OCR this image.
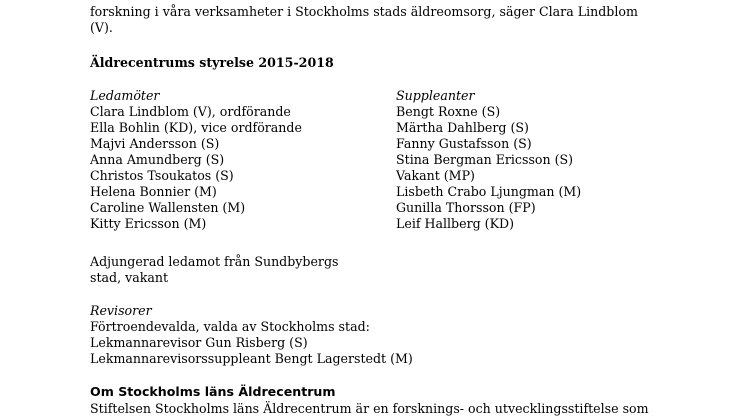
forskning i våra verksamheter i Stockholms stads äldreomsorg, säger Clara Lindblom
(V).
Äldrecentrums styrelse 2015-2018
Ledamöter
Clara Lindblom (V), ordförande
Ella Bohlin (KD), vice ordförande
Majvi Andersson (S)
Anna Amundberg (S)
Christos Tsoukatos (S)
Helena Bonnier (M)
Caroline Wallensten (M)
Kitty Ericsson (M)
Suppleanter
Bengt Roxne (S)
Märtha Dahlberg (S)
Fanny Gustafsson (S)
Stina Bergman Ericsson (S)
Vakant (MP)
Lisbeth Crabo Ljungman (M)
Gunilla Thorsson (FP)
Leif Hallberg (KD)
Adjungerad ledamot från Sundbybergs
stad, vakant
Revisorer
Förtroendevalda, valda av Stockholms stad:
Lekmannarevisor Gun Risberg (S)
Lekmannarevisorssuppleant Bengt Lagerstedt (M)
Om Stockholms läns Äldrecentrum
Stiftelsen Stockholms läns Äldrecentrum är en forsknings- och utvecklingsstiftelse som
